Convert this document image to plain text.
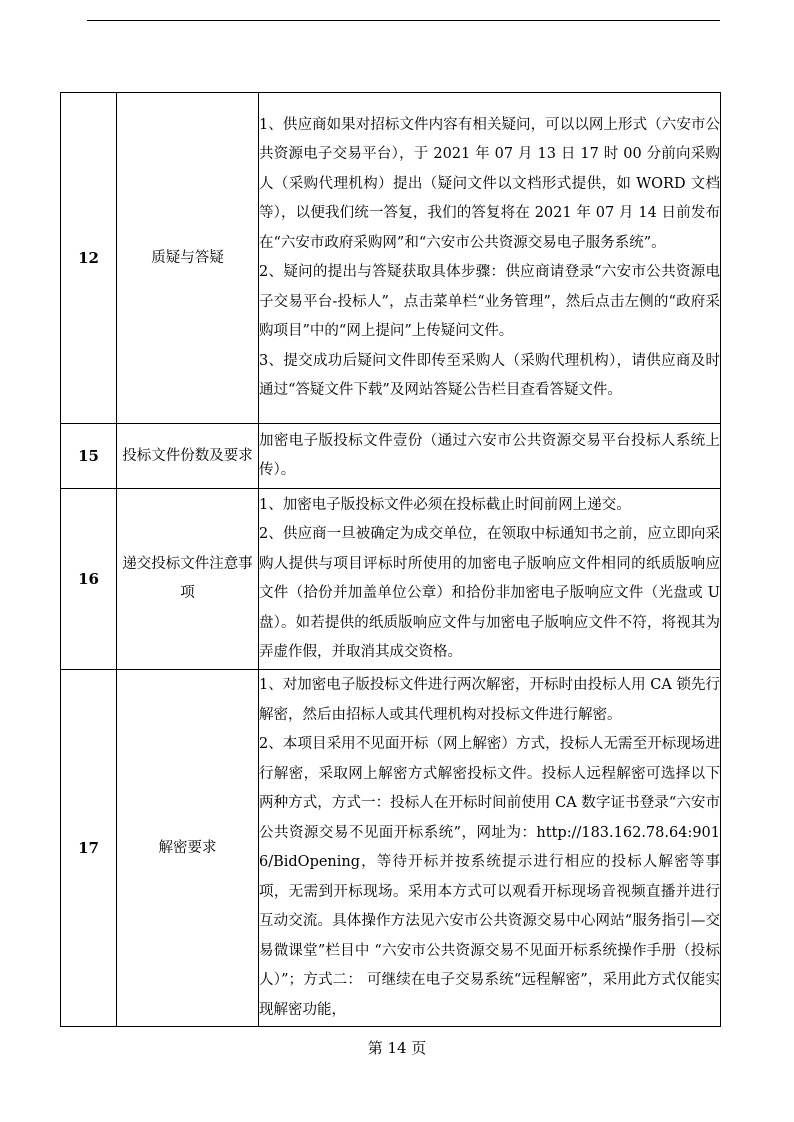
12	质疑与答疑	1、供应商如果对招标文件内容有相关疑问，可以以网上形式（六安市公共资源电子交易平台），于 2021 年 07 月 13 日 17 时 00 分前向采购人（采购代理机构）提出（疑问文件以文档形式提供，如 WORD 文档等），以便我们统一答复，我们的答复将在 2021 年 07 月 14 日前发布在“六安市政府采购网”和“六安市公共资源交易电子服务系统”。

2、疑问的提出与答疑获取具体步骤：供应商请登录“六安市公共资源电子交易平台-投标人”，点击菜单栏“业务管理”，然后点击左侧的“政府采购项目”中的“网上提问”上传疑问文件。

3、提交成功后疑问文件即传至采购人（采购代理机构），请供应商及时通过“答疑文件下载”及网站答疑公告栏目查看答疑文件。

15	投标文件份数及要求	加密电子版投标文件壹份（通过六安市公共资源交易平台投标人系统上传）。

16	递交投标文件注意事项	1、加密电子版投标文件必须在投标截止时间前网上递交。

2、供应商一旦被确定为成交单位，在领取中标通知书之前，应立即向采购人提供与项目评标时所使用的加密电子版响应文件相同的纸质版响应文件（拾份并加盖单位公章）和拾份非加密电子版响应文件（光盘或 U 盘）。如若提供的纸质版响应文件与加密电子版响应文件不符，将视其为弄虚作假，并取消其成交资格。

17	解密要求	1、对加密电子版投标文件进行两次解密，开标时由投标人用 CA 锁先行解密，然后由招标人或其代理机构对投标文件进行解密。

2、本项目采用不见面开标（网上解密）方式，投标人无需至开标现场进行解密，采取网上解密方式解密投标文件。投标人远程解密可选择以下两种方式，方式一：投标人在开标时间前使用 CA 数字证书登录“六安市公共资源交易不见面开标系统”，网址为：http://183.162.78.64:9016/BidOpening，等待开标并按系统提示进行相应的投标人解密等事项，无需到开标现场。采用本方式可以观看开标现场音视频直播并进行互动交流。具体操作方法见六安市公共资源交易中心网站“服务指引—交易微课堂”栏目中 “六安市公共资源交易不见面开标系统操作手册（投标人）”；方式二： 可继续在电子交易系统“远程解密”，采用此方式仅能实现解密功能，

第 14 页
